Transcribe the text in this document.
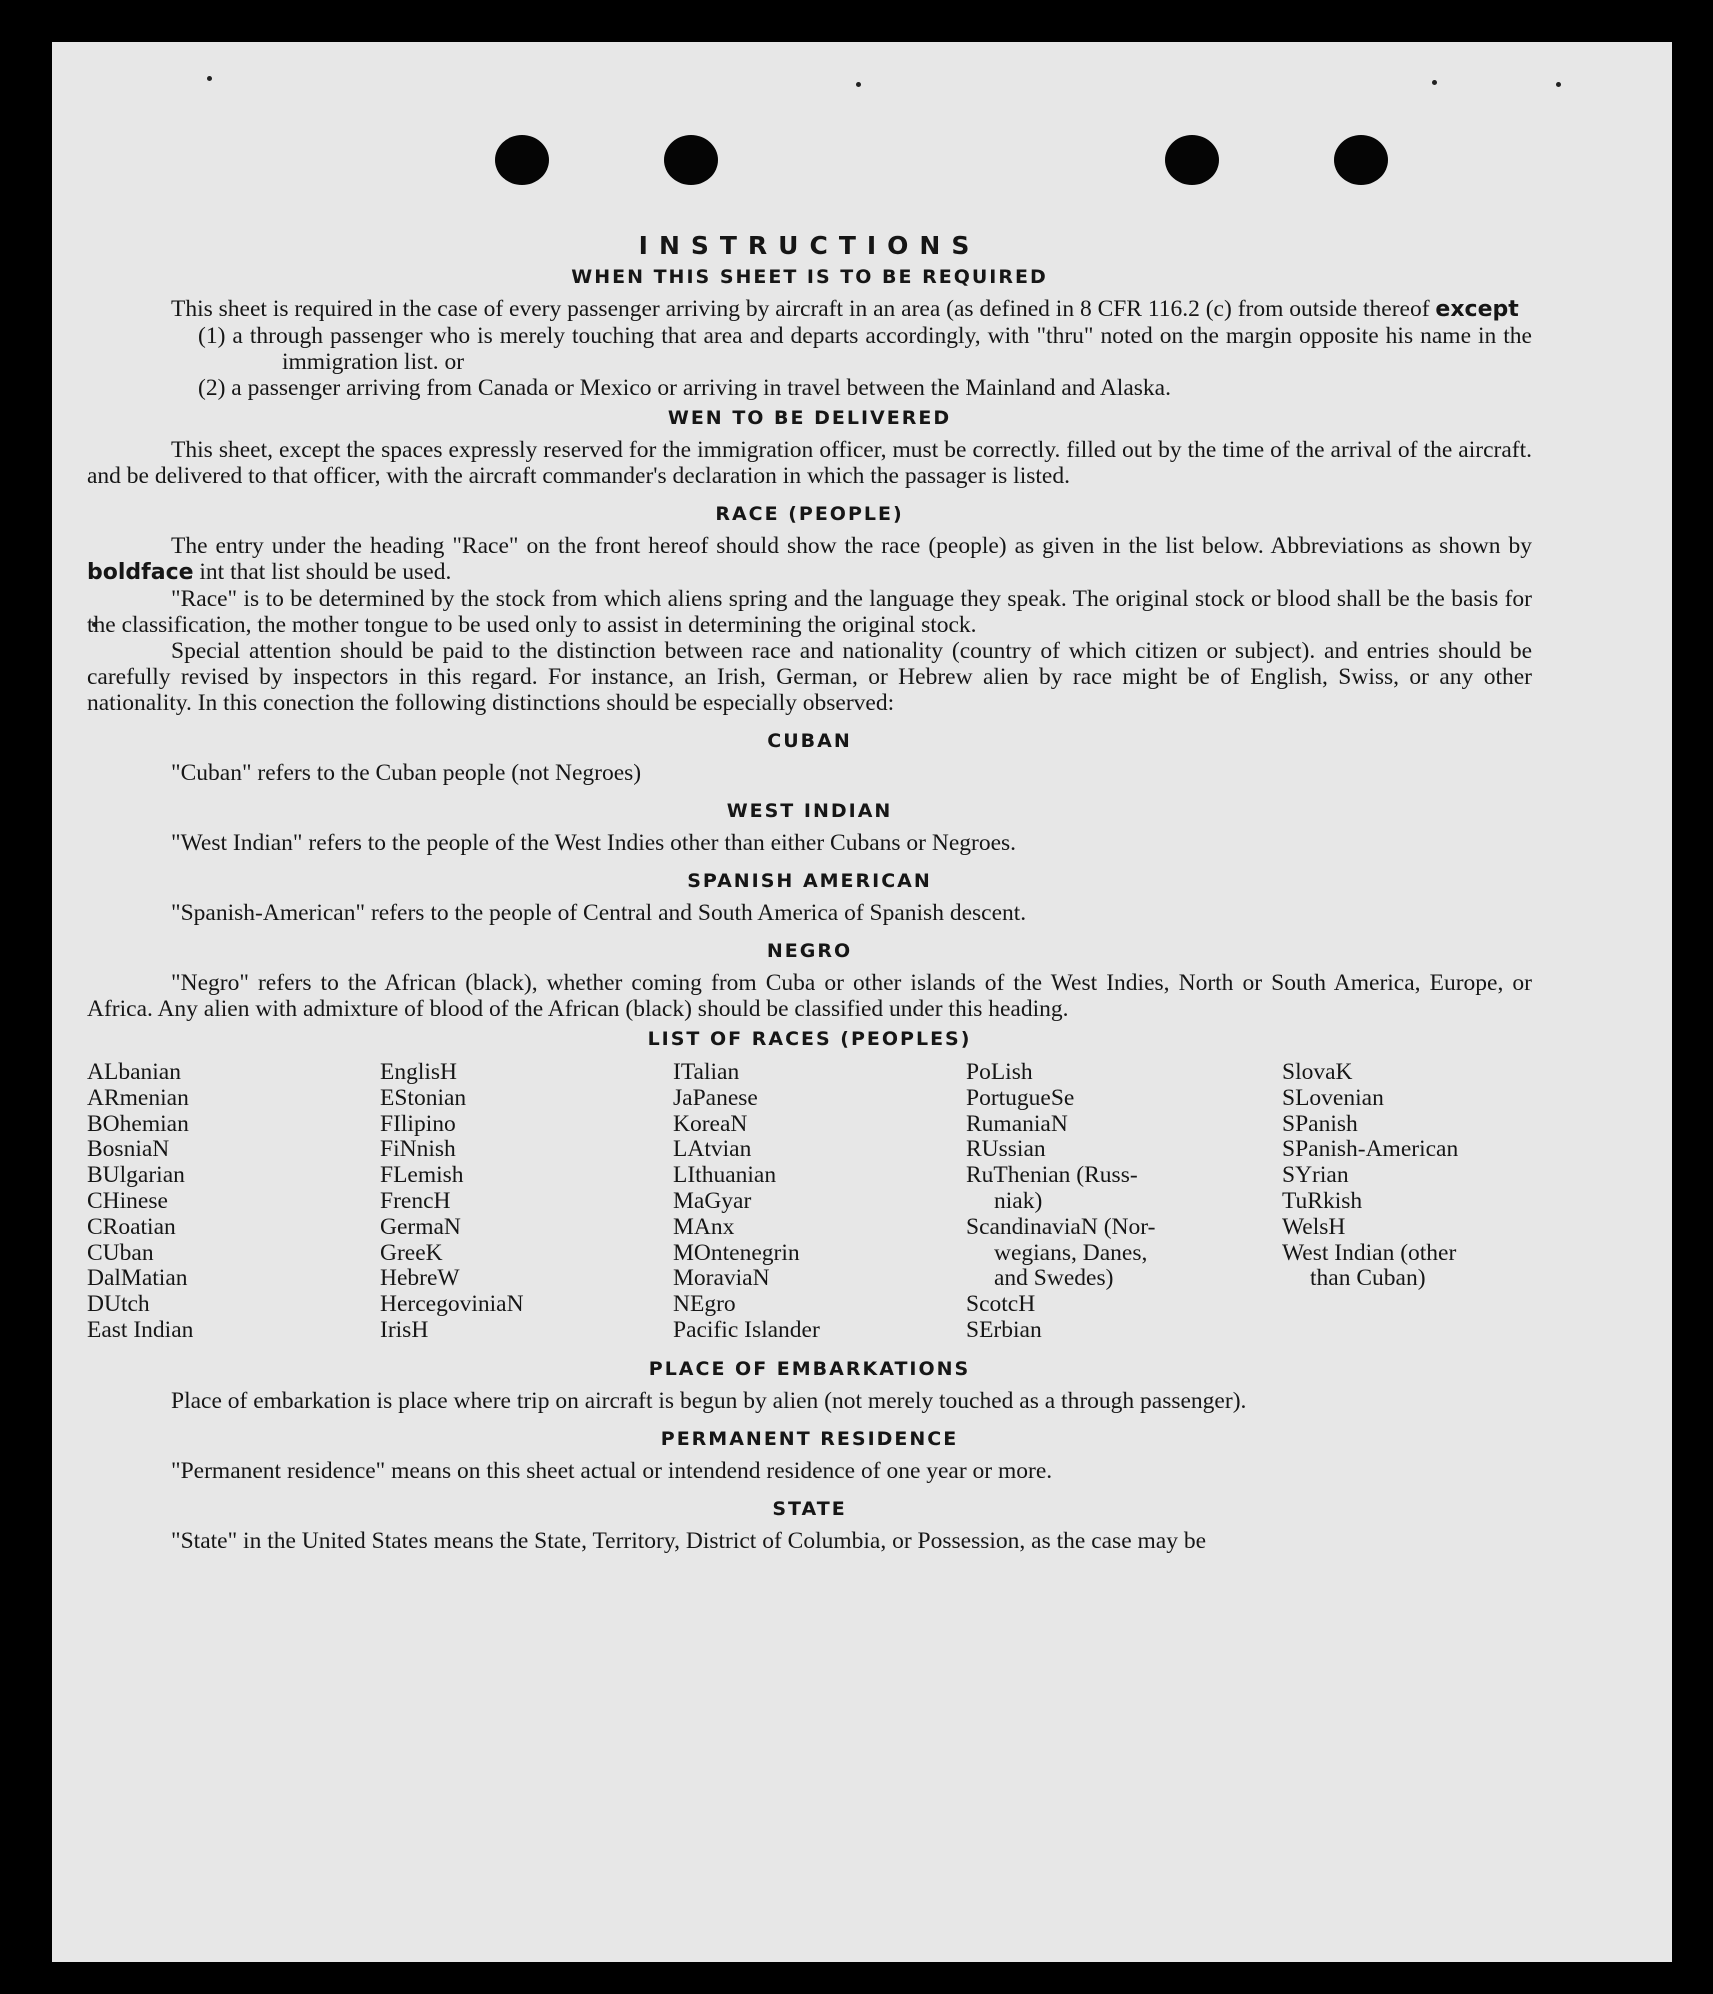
INSTRUCTIONS
WHEN THIS SHEET IS TO BE REQUIRED

This sheet is required in the case of every passenger arriving by aircraft in an area (as defined in 8 CFR 116.2 (c) from outside thereof except

(1) a through passenger who is merely touching that area and departs accordingly, with "thru" noted on the margin opposite his name in the immigration list. or

(2) a passenger arriving from Canada or Mexico or arriving in travel between the Mainland and Alaska.

WEN TO BE DELIVERED

This sheet, except the spaces expressly reserved for the immigration officer, must be correctly. filled out by the time of the arrival of the aircraft. and be delivered to that officer, with the aircraft commander's declaration in which the passager is listed.

RACE (PEOPLE)

The entry under the heading "Race" on the front hereof should show the race (people) as given in the list below. Abbreviations as shown by boldface int that list should be used.

"Race" is to be determined by the stock from which aliens spring and the language they speak. The original stock or blood shall be the basis for the classification, the mother tongue to be used only to assist in determining the original stock.

Special attention should be paid to the distinction between race and nationality (country of which citizen or subject). and entries should be carefully revised by inspectors in this regard. For instance, an Irish, German, or Hebrew alien by race might be of English, Swiss, or any other nationality. In this conection the following distinctions should be especially observed:

CUBAN

"Cuban" refers to the Cuban people (not Negroes)

WEST INDIAN

"West Indian" refers to the people of the West Indies other than either Cubans or Negroes.

SPANISH AMERICAN

"Spanish-American" refers to the people of Central and South America of Spanish descent.

NEGRO

"Negro" refers to the African (black), whether coming from Cuba or other islands of the West Indies, North or South America, Europe, or Africa. Any alien with admixture of blood of the African (black) should be classified under this heading.

LIST OF RACES (PEOPLES)
ALbanian
ARmenian
BOhemian
BosniaN
BUlgarian
CHinese
CRoatian
CUban
DalMatian
DUtch
East Indian
EnglisH
EStonian
FIlipino
FiNnish
FLemish
FrencH
GermaN
GreeK
HebreW
HercegoviniaN
IrisH
ITalian
JaPanese
KoreaN
LAtvian
LIthuanian
MaGyar
MAnx
MOntenegrin
MoraviaN
NEgro
Pacific Islander
PoLish
PortugueSe
RumaniaN
RUssian
RuThenian (Russ-
niak)
ScandinaviaN (Nor-
wegians, Danes,
and Swedes)
ScotcH
SErbian
SlovaK
SLovenian
SPanish
SPanish-American
SYrian
TuRkish
WelsH
West Indian (other
than Cuban)
PLACE OF EMBARKATIONS

Place of embarkation is place where trip on aircraft is begun by alien (not merely touched as a through passenger).

PERMANENT RESIDENCE

"Permanent residence" means on this sheet actual or intendend residence of one year or more.

STATE

"State" in the United States means the State, Territory, District of Columbia, or Possession, as the case may be
